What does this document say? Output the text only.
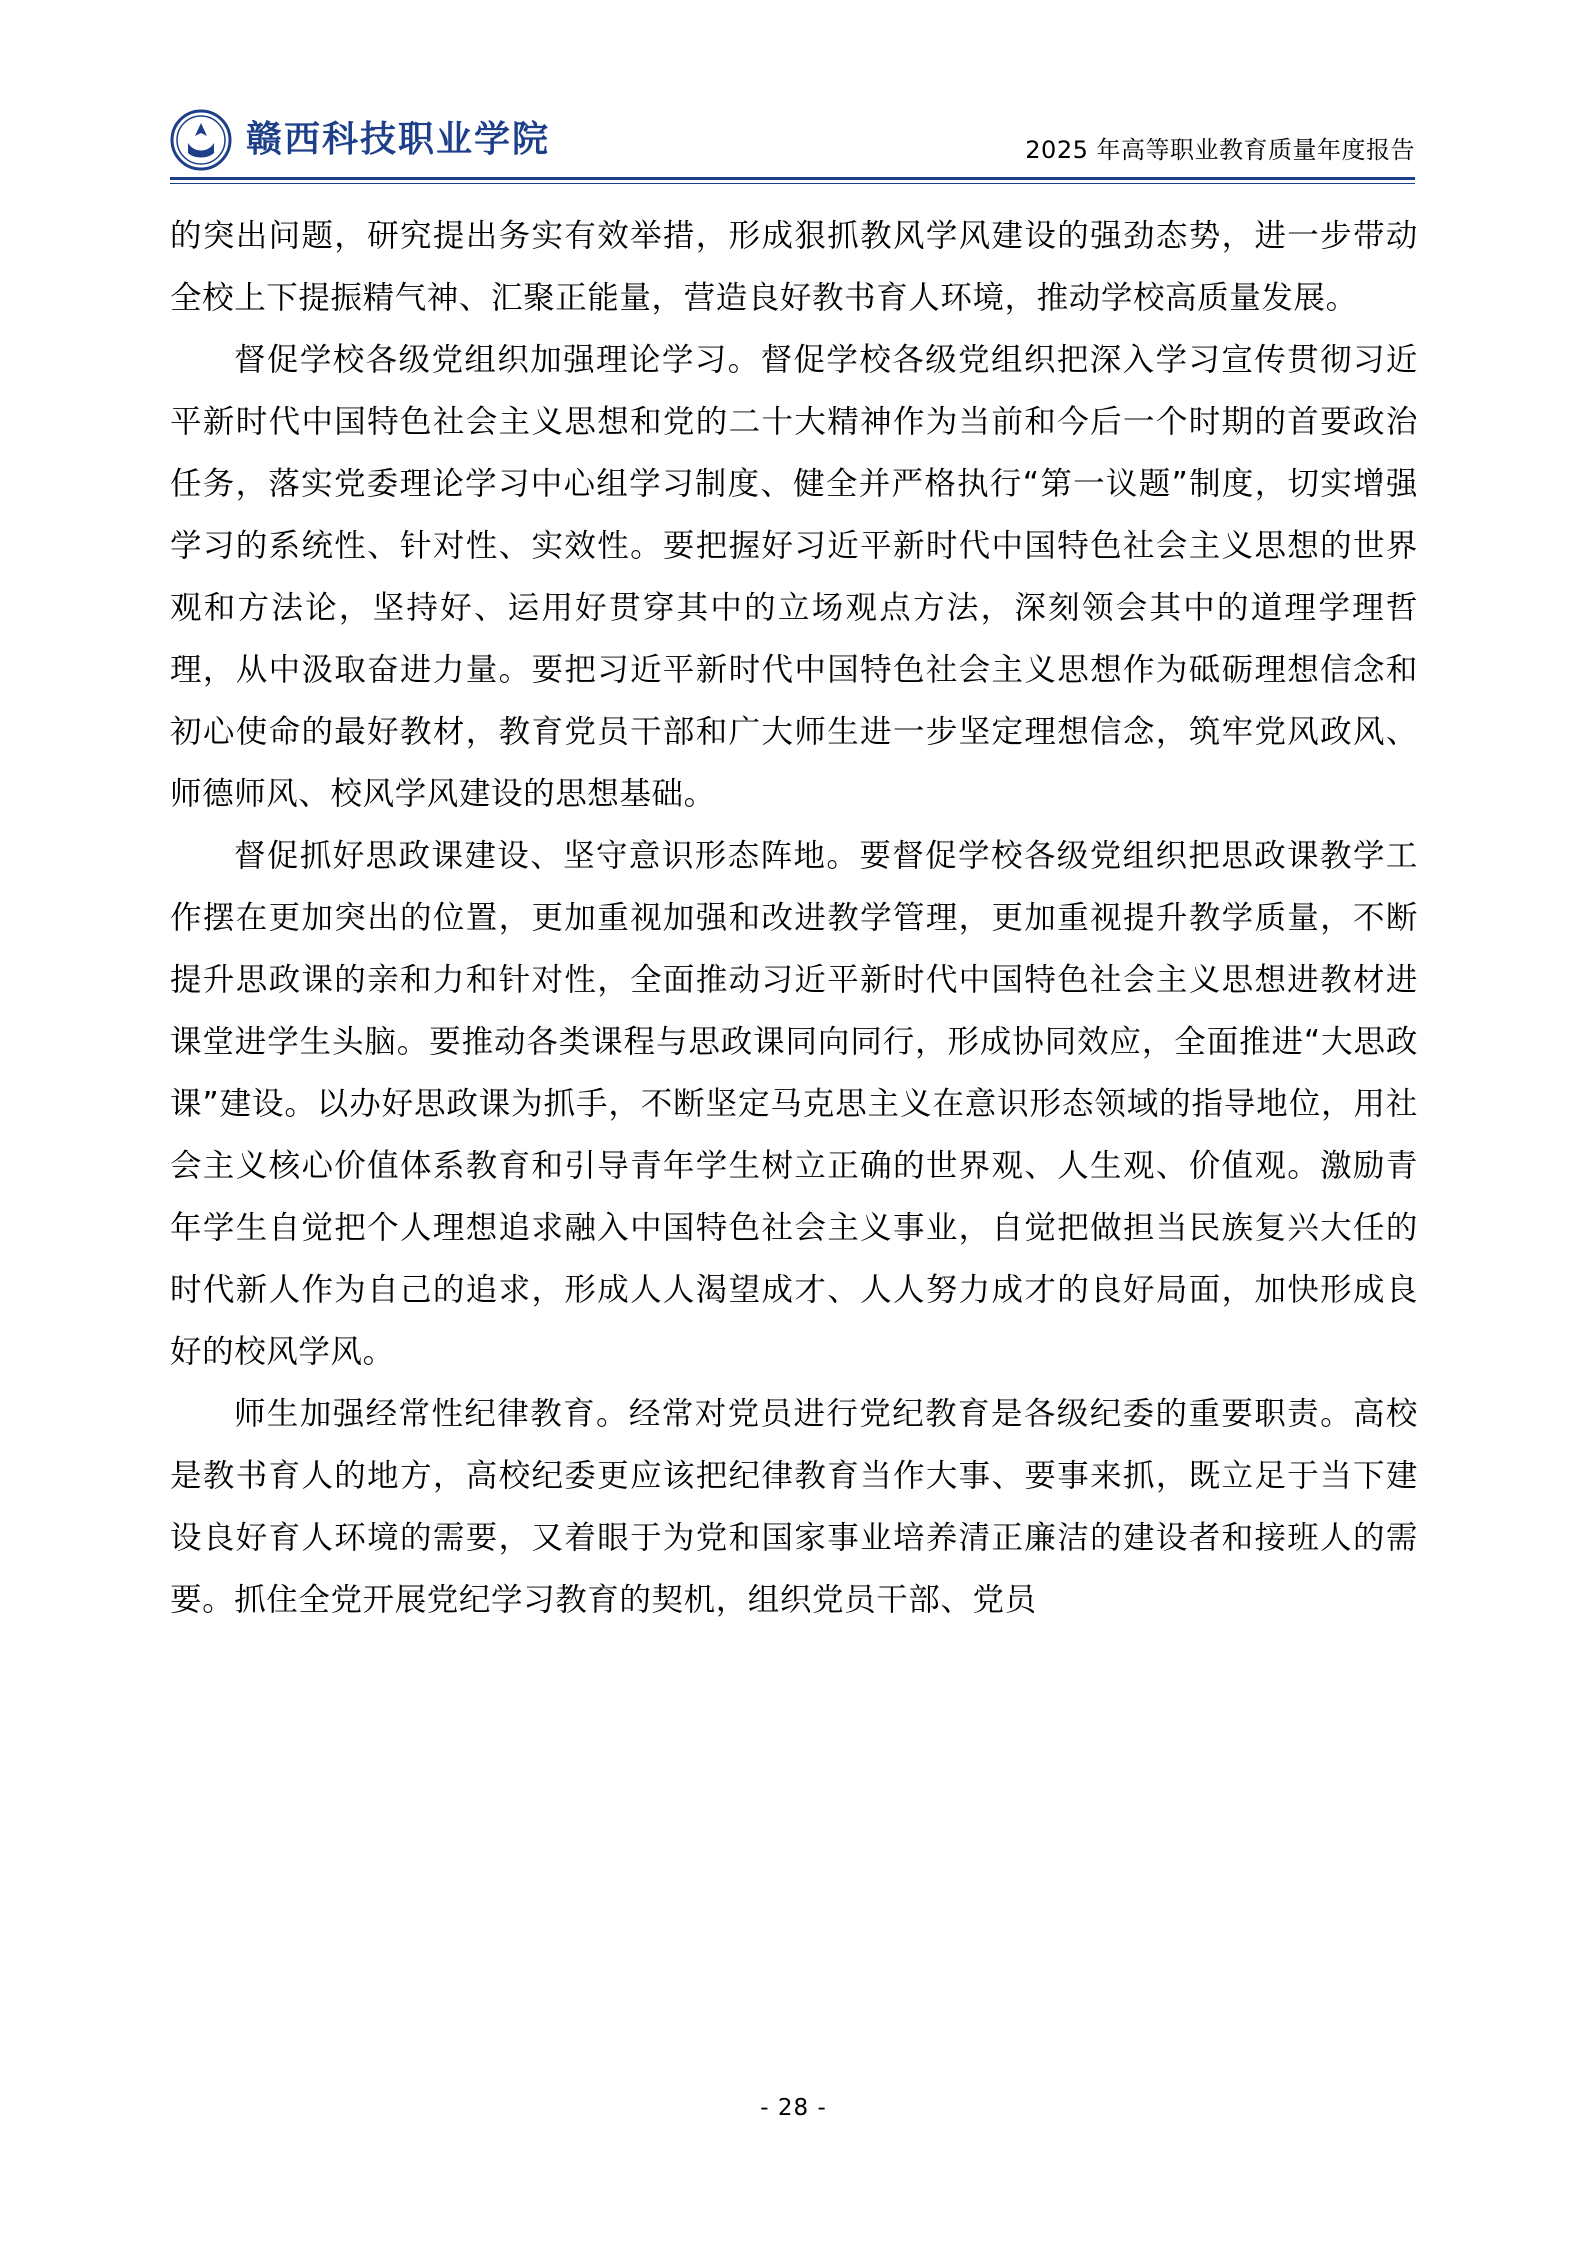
G 赣西科技职业学院	2025 年高等职业教育质量年度报告

的突出问题，研究提出务实有效举措，形成狠抓教风学风建设的强劲态势，进一步带动全校上下提振精气神、汇聚正能量，营造良好教书育人环境，推动学校高质量发展。

督促学校各级党组织加强理论学习。督促学校各级党组织把深入学习宣传贯彻习近平新时代中国特色社会主义思想和党的二十大精神作为当前和今后一个时期的首要政治任务，落实党委理论学习中心组学习制度、健全并严格执行“第一议题”制度，切实增强学习的系统性、针对性、实效性。要把握好习近平新时代中国特色社会主义思想的世界观和方法论，坚持好、运用好贯穿其中的立场观点方法，深刻领会其中的道理学理哲理，从中汲取奋进力量。要把习近平新时代中国特色社会主义思想作为砥砺理想信念和初心使命的最好教材，教育党员干部和广大师生进一步坚定理想信念，筑牢党风政风、师德师风、校风学风建设的思想基础。

督促抓好思政课建设、坚守意识形态阵地。要督促学校各级党组织把思政课教学工作摆在更加突出的位置，更加重视加强和改进教学管理，更加重视提升教学质量，不断提升思政课的亲和力和针对性，全面推动习近平新时代中国特色社会主义思想进教材进课堂进学生头脑。要推动各类课程与思政课同向同行，形成协同效应，全面推进“大思政课”建设。以办好思政课为抓手，不断坚定马克思主义在意识形态领域的指导地位，用社会主义核心价值体系教育和引导青年学生树立正确的世界观、人生观、价值观。激励青年学生自觉把个人理想追求融入中国特色社会主义事业，自觉把做担当民族复兴大任的时代新人作为自己的追求，形成人人渴望成才、人人努力成才的良好局面，加快形成良好的校风学风。

师生加强经常性纪律教育。经常对党员进行党纪教育是各级纪委的重要职责。高校是教书育人的地方，高校纪委更应该把纪律教育当作大事、要事来抓，既立足于当下建设良好育人环境的需要，又着眼于为党和国家事业培养清正廉洁的建设者和接班人的需要。抓住全党开展党纪学习教育的契机，组织党员干部、党员

- 28 -
